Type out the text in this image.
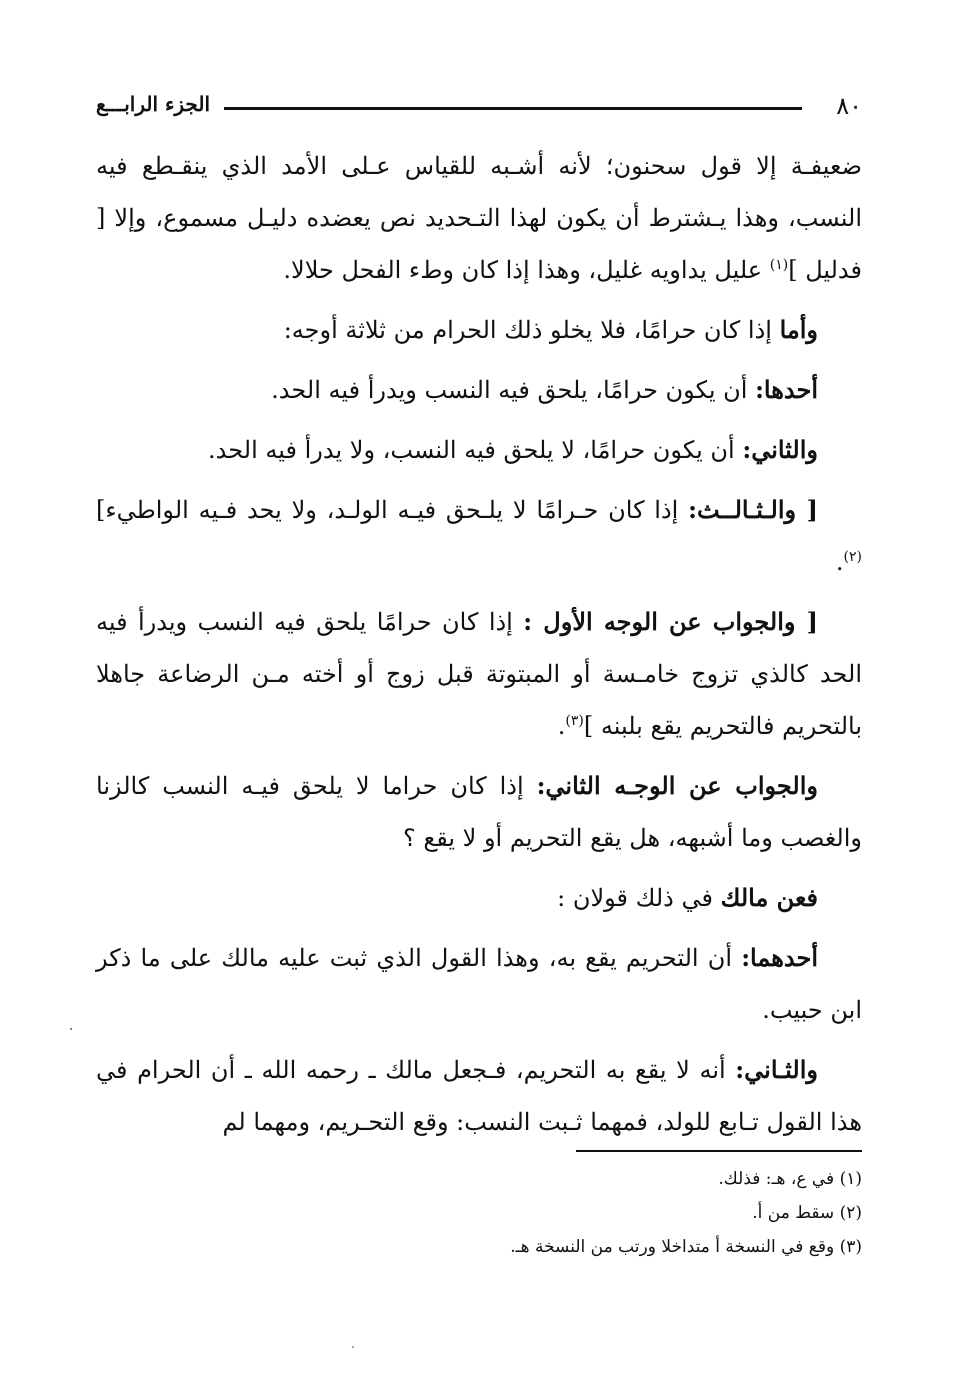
٨٠
الجزء الرابـــع

ضعيفـة إلا قول سحنون؛ لأنه أشـبه للقياس عـلى الأمد الذي ينقـطع فيه النسب، وهذا يـشترط أن يكون لهذا التـحديد نص يعضده دليـل مسموع، وإلا [ فدليل ]$^{(١)}$ عليل يداويه غليل، وهذا إذا كان وطء الفحل حلالا.

وأما إذا كان حرامًا، فلا يخلو ذلك الحرام من ثلاثة أوجه:

أحدها: أن يكون حرامًا، يلحق فيه النسب ويدرأ فيه الحد.

والثاني: أن يكون حرامًا، لا يلحق فيه النسب، ولا يدرأ فيه الحد.

[ والـثـالــث: إذا كان حـرامًا لا يلـحق فيـه الولـد، ولا يحد فـيه الواطيء]$^{(٢)}$.

[ والجواب عن الوجه الأول : إذا كان حرامًا يلحق فيه النسب ويدرأ فيه الحد كالذي تزوج خامـسة أو المبتوتة قبل زوج أو أخته مـن الرضاعة جاهلا بالتحريم فالتحريم يقع بلبنه ]$^{(٣)}$.

والجواب عن الوجـه الثاني: إذا كان حراما لا يلحق فيـه النسب كالزنا والغصب وما أشبهه، هل يقع التحريم أو لا يقع ؟

فعن مالك في ذلك قولان :

أحدهما: أن التحريم يقع به، وهذا القول الذي ثبت عليه مالك على ما ذكر ابن حبيب.

والثـاني: أنه لا يقع به التحريم، فـجعل مالك ـ رحمه الله ـ أن الحرام في هذا القول تـابع للولد، فمهما ثـبت النسب: وقع التحـريم، ومهما لم

(١) في ع، هـ: فذلك.

(٢) سقط من أ.

(٣) وقع في النسخة أ متداخلا ورتب من النسخة هـ.
